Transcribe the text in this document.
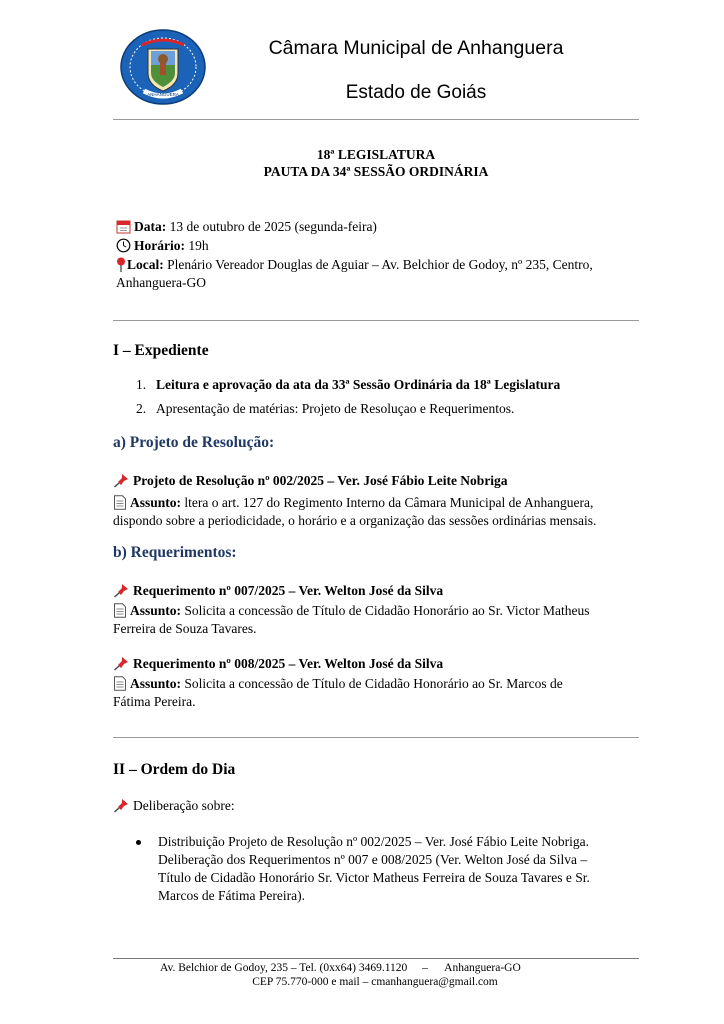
ANHANGUERA
Câmara Municipal de Anhanguera
Estado de Goiás
18ª LEGISLATURA
PAUTA DA 34ª SESSÃO ORDINÁRIA
Data: 13 de outubro de 2025 (segunda-feira)
Horário: 19h
Local: Plenário Vereador Douglas de Aguiar – Av. Belchior de Godoy, nº 235, Centro,
Anhanguera-GO
I – Expediente
1. Leitura e aprovação da ata da 33ª Sessão Ordinária da 18ª Legislatura
2. Apresentação de matérias: Projeto de Resoluçao e Requerimentos.
a) Projeto de Resolução:
Projeto de Resolução nº 002/2025 – Ver. José Fábio Leite Nobriga
Assunto: ltera o art. 127 do Regimento Interno da Câmara Municipal de Anhanguera,
dispondo sobre a periodicidade, o horário e a organização das sessões ordinárias mensais.
b) Requerimentos:
Requerimento nº 007/2025 – Ver. Welton José da Silva
Assunto: Solicita a concessão de Título de Cidadão Honorário ao Sr. Victor Matheus
Ferreira de Souza Tavares.
Requerimento nº 008/2025 – Ver. Welton José da Silva
Assunto: Solicita a concessão de Título de Cidadão Honorário ao Sr. Marcos de
Fátima Pereira.
II – Ordem do Dia
Deliberação sobre:
Distribuição Projeto de Resolução nº 002/2025 – Ver. José Fábio Leite Nobriga.
Deliberação dos Requerimentos nº 007 e 008/2025 (Ver. Welton José da Silva –
Título de Cidadão Honorário Sr. Victor Matheus Ferreira de Souza Tavares e Sr.
Marcos de Fátima Pereira).
Av. Belchior de Godoy, 235 – Tel. (0xx64) 3469.1120 – Anhanguera-GO
CEP 75.770-000 e mail – cmanhanguera@gmail.com
